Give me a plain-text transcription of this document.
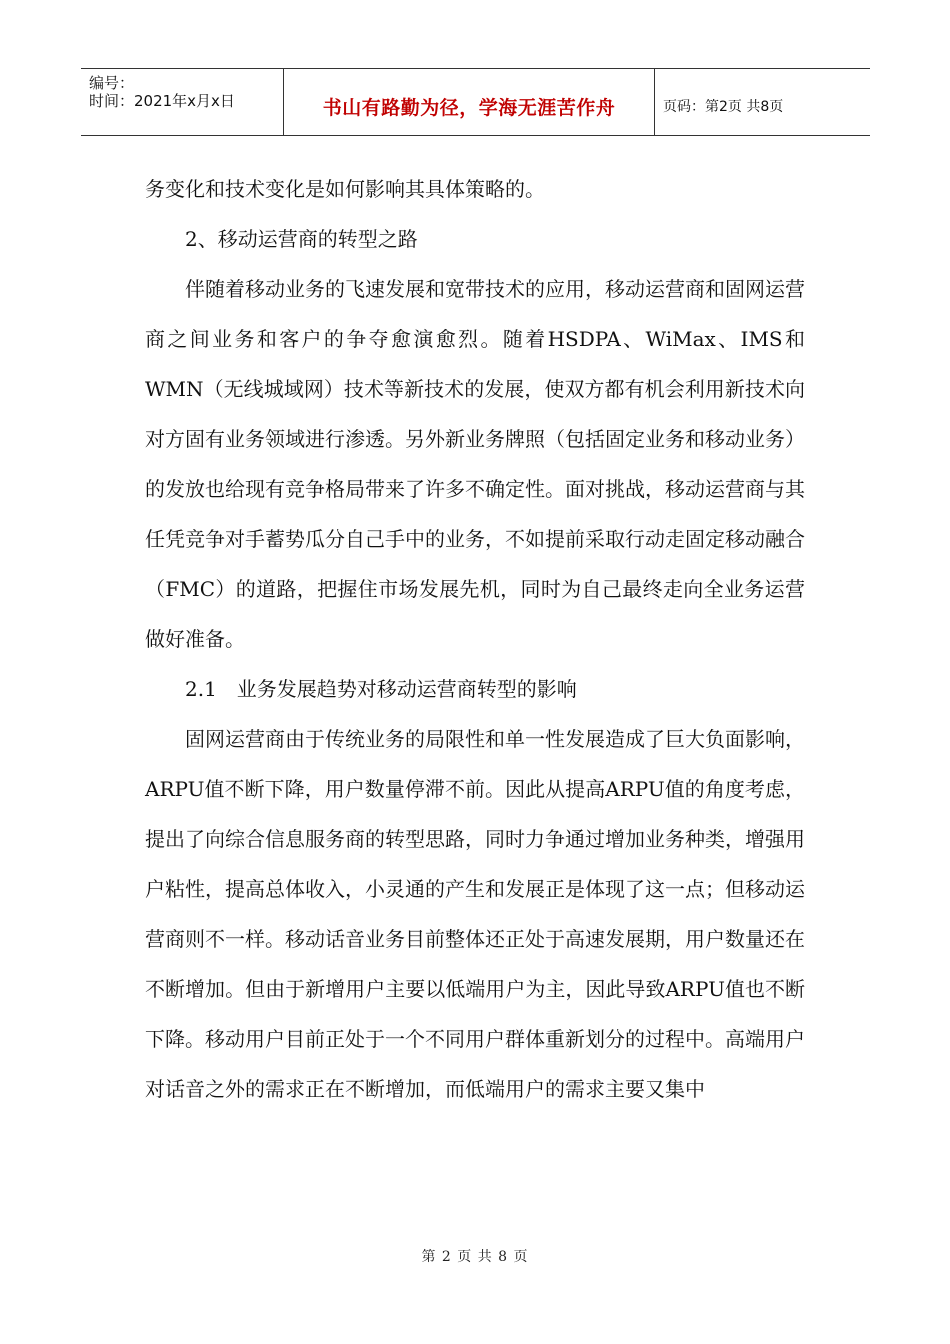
编号：
时间：2021年x月x日	书山有路勤为径，学海无涯苦作舟	页码：第2页 共8页

务变化和技术变化是如何影响其具体策略的。

2、移动运营商的转型之路

伴随着移动业务的飞速发展和宽带技术的应用，移动运营商和固网运营商之间业务和客户的争夺愈演愈烈。随着HSDPA、WiMax、IMS和WMN（无线城域网）技术等新技术的发展，使双方都有机会利用新技术向对方固有业务领域进行渗透。另外新业务牌照（包括固定业务和移动业务）的发放也给现有竞争格局带来了许多不确定性。面对挑战，移动运营商与其任凭竞争对手蓄势瓜分自己手中的业务，不如提前采取行动走固定移动融合（FMC）的道路，把握住市场发展先机，同时为自己最终走向全业务运营做好准备。

2.1　业务发展趋势对移动运营商转型的影响

固网运营商由于传统业务的局限性和单一性发展造成了巨大负面影响，ARPU值不断下降，用户数量停滞不前。因此从提高ARPU值的角度考虑，提出了向综合信息服务商的转型思路，同时力争通过增加业务种类，增强用户粘性，提高总体收入，小灵通的产生和发展正是体现了这一点；但移动运营商则不一样。移动话音业务目前整体还正处于高速发展期，用户数量还在不断增加。但由于新增用户主要以低端用户为主，因此导致ARPU值也不断下降。移动用户目前正处于一个不同用户群体重新划分的过程中。高端用户对话音之外的需求正在不断增加，而低端用户的需求主要又集中

第 2 页 共 8 页
